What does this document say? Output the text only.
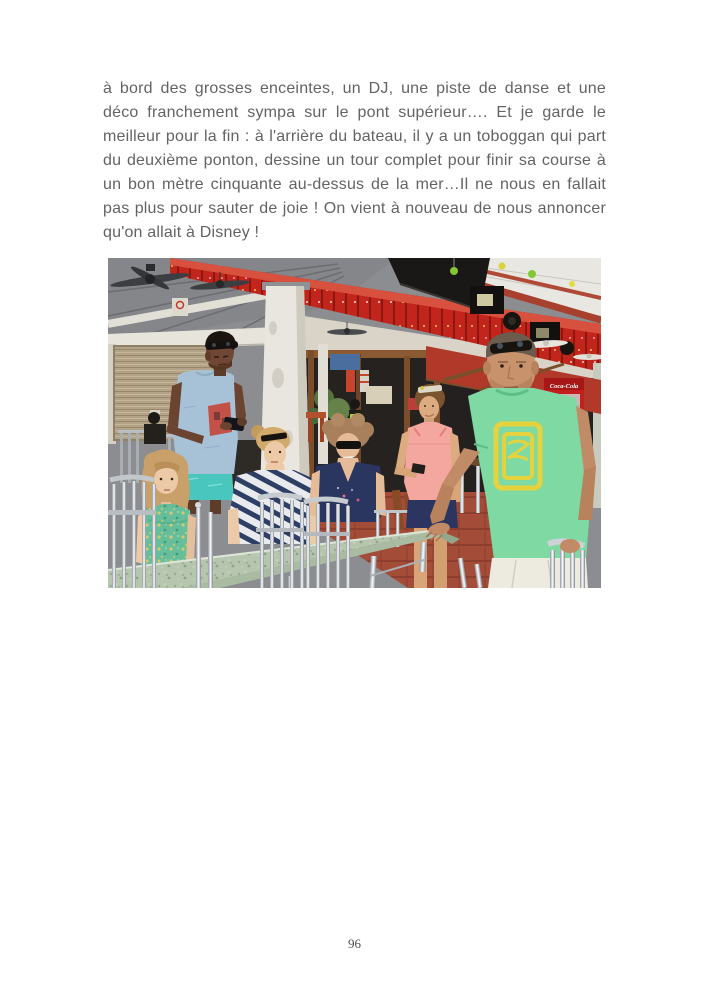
à bord des grosses enceintes, un DJ, une piste de danse et une
déco franchement sympa sur le pont supérieur…. Et je garde le
meilleur pour la fin : à l'arrière du bateau, il y a un toboggan qui part
du deuxième ponton, dessine un tour complet pour finir sa course à
un bon mètre cinquante au-dessus de la mer…Il ne nous en fallait
pas plus pour sauter de joie ! On vient à nouveau de nous annoncer
qu'on allait à Disney !
Coca-Cola
96
